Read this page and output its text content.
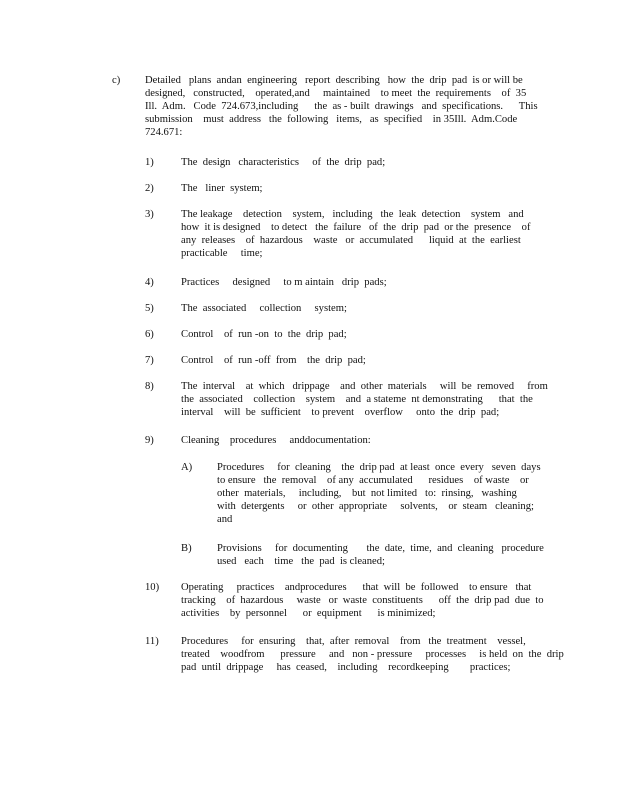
c) Detailed   plans  andan  engineering   report  describing   how  the  drip  pad  is or will be
designed,   constructed,    operated,and     maintained    to meet  the  requirements    of  35
Ill.  Adm.   Code  724.673,including      the  as - built  drawings   and  specifications.      This
submission    must  address   the  following   items,   as  specified    in 35Ill.  Adm.Code
724.671:
1)	The  design   characteristics     of  the  drip  pad;
2)	The   liner  system;
3)	The leakage    detection    system,   including   the  leak  detection    system   and
how  it is designed    to detect   the  failure   of  the  drip  pad  or the  presence    of
any  releases    of  hazardous    waste   or  accumulated      liquid  at  the  earliest
practicable     time;
4)	Practices     designed     to m aintain   drip  pads;
5)	The  associated     collection     system;
6)	Control    of  run -on  to  the  drip  pad;
7)	Control    of  run -off  from    the  drip  pad;
8)	The  interval    at  which   drippage    and  other  materials     will  be  removed     from
the  associated    collection    system    and  a stateme  nt demonstrating      that  the
interval    will  be  sufficient    to prevent    overflow     onto  the  drip  pad;
9)	Cleaning    procedures     anddocumentation:
A) Procedures     for  cleaning    the  drip pad  at least  once  every   seven  days
to ensure   the  removal    of any  accumulated      residues    of waste    or
other  materials,     including,    but  not limited   to:  rinsing,   washing
with  detergents     or  other  appropriate     solvents,    or  steam   cleaning;
and
B) Provisions     for  documenting       the  date,  time,  and  cleaning   procedure
used   each    time   the  pad  is cleaned;
10) Operating     practices    andprocedures      that  will  be  followed    to ensure   that
tracking    of  hazardous     waste   or  waste  constituents      off  the  drip pad  due  to
activities    by  personnel      or  equipment      is minimized;
11) Procedures     for  ensuring    that,  after  removal    from   the  treatment    vessel,
treated    woodfrom      pressure     and   non - pressure     processes     is held  on  the  drip
pad  until  drippage     has  ceased,    including    recordkeeping        practices;
